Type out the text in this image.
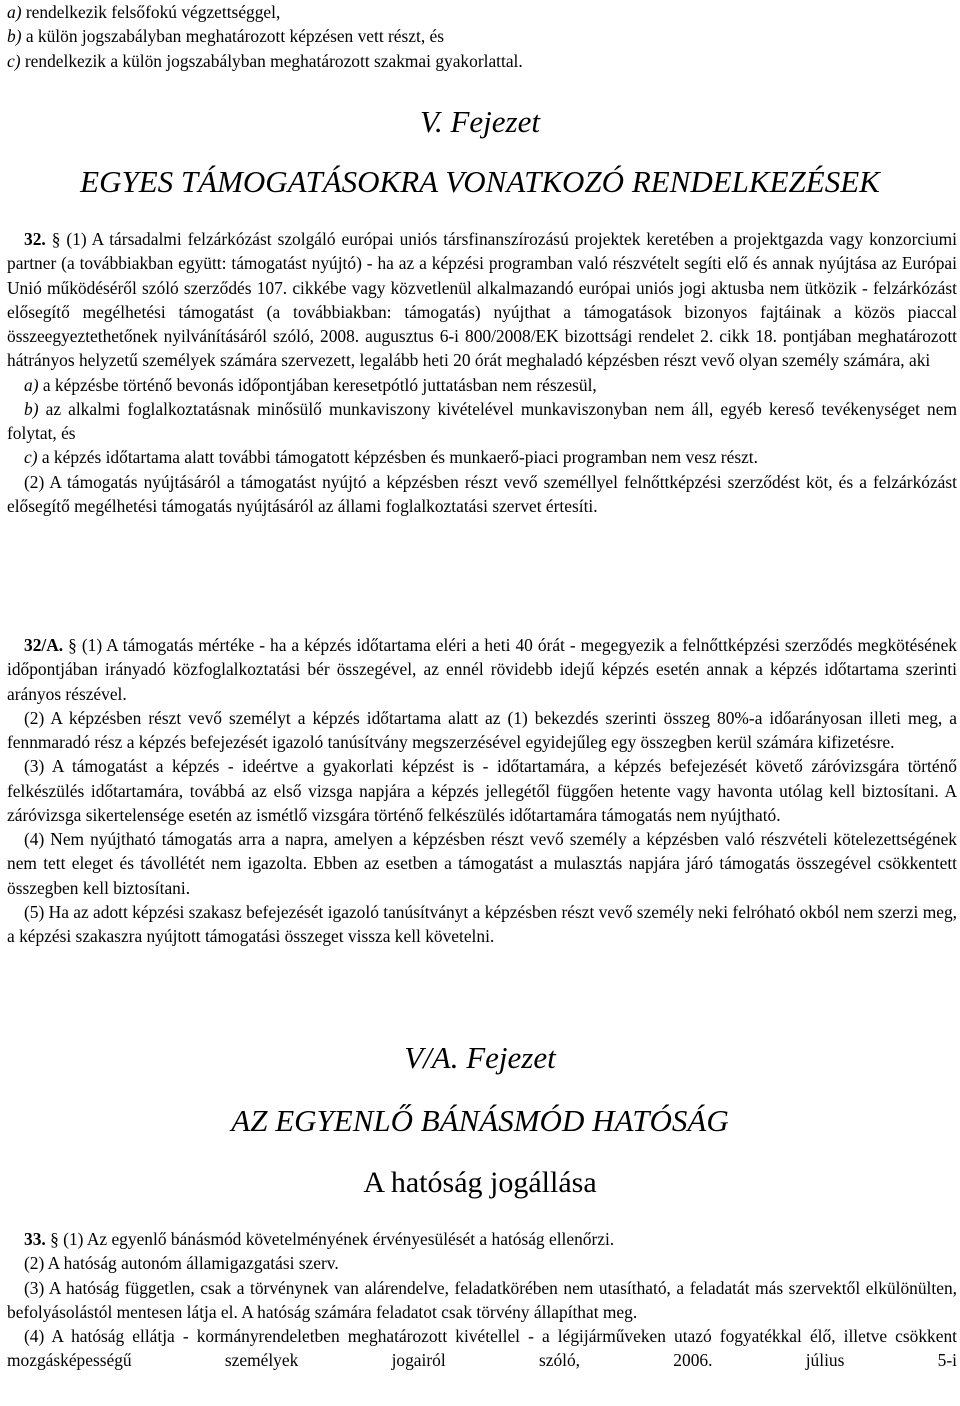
a) rendelkezik felsőfokú végzettséggel,
b) a külön jogszabályban meghatározott képzésen vett részt, és
c) rendelkezik a külön jogszabályban meghatározott szakmai gyakorlattal.
V. Fejezet
EGYES TÁMOGATÁSOKRA VONATKOZÓ RENDELKEZÉSEK

32. § (1) A társadalmi felzárkózást szolgáló európai uniós társfinanszírozású projektek keretében a projektgazda vagy konzorciumi partner (a továbbiakban együtt: támogatást nyújtó) - ha az a képzési programban való részvételt segíti elő és annak nyújtása az Európai Unió működéséről szóló szerződés 107. cikkébe vagy közvetlenül alkalmazandó európai uniós jogi aktusba nem ütközik - felzárkózást elősegítő megélhetési támogatást (a továbbiakban: támogatás) nyújthat a támogatások bizonyos fajtáinak a közös piaccal összeegyeztethetőnek nyilvánításáról szóló, 2008. augusztus 6-i 800/2008/EK bizottsági rendelet 2. cikk 18. pontjában meghatározott hátrányos helyzetű személyek számára szervezett, legalább heti 20 órát meghaladó képzésben részt vevő olyan személy számára, aki

a) a képzésbe történő bevonás időpontjában keresetpótló juttatásban nem részesül,

b) az alkalmi foglalkoztatásnak minősülő munkaviszony kivételével munkaviszonyban nem áll, egyéb kereső tevékenységet nem folytat, és

c) a képzés időtartama alatt további támogatott képzésben és munkaerő-piaci programban nem vesz részt.

(2) A támogatás nyújtásáról a támogatást nyújtó a képzésben részt vevő személlyel felnőttképzési szerződést köt, és a felzárkózást elősegítő megélhetési támogatás nyújtásáról az állami foglalkoztatási szervet értesíti.

32/A. § (1) A támogatás mértéke - ha a képzés időtartama eléri a heti 40 órát - megegyezik a felnőttképzési szerződés megkötésének időpontjában irányadó közfoglalkoztatási bér összegével, az ennél rövidebb idejű képzés esetén annak a képzés időtartama szerinti arányos részével.

(2) A képzésben részt vevő személyt a képzés időtartama alatt az (1) bekezdés szerinti összeg 80%-a időarányosan illeti meg, a fennmaradó rész a képzés befejezését igazoló tanúsítvány megszerzésével egyidejűleg egy összegben kerül számára kifizetésre.

(3) A támogatást a képzés - ideértve a gyakorlati képzést is - időtartamára, a képzés befejezését követő záróvizsgára történő felkészülés időtartamára, továbbá az első vizsga napjára a képzés jellegétől függően hetente vagy havonta utólag kell biztosítani. A záróvizsga sikertelensége esetén az ismétlő vizsgára történő felkészülés időtartamára támogatás nem nyújtható.

(4) Nem nyújtható támogatás arra a napra, amelyen a képzésben részt vevő személy a képzésben való részvételi kötelezettségének nem tett eleget és távollétét nem igazolta. Ebben az esetben a támogatást a mulasztás napjára járó támogatás összegével csökkentett összegben kell biztosítani.

(5) Ha az adott képzési szakasz befejezését igazoló tanúsítványt a képzésben részt vevő személy neki felróható okból nem szerzi meg, a képzési szakaszra nyújtott támogatási összeget vissza kell követelni.

V/A. Fejezet
AZ EGYENLŐ BÁNÁSMÓD HATÓSÁG
A hatóság jogállása

33. § (1) Az egyenlő bánásmód követelményének érvényesülését a hatóság ellenőrzi.

(2) A hatóság autonóm államigazgatási szerv.

(3) A hatóság független, csak a törvénynek van alárendelve, feladatkörében nem utasítható, a feladatát más szervektől elkülönülten, befolyásolástól mentesen látja el. A hatóság számára feladatot csak törvény állapíthat meg.

(4) A hatóság ellátja - kormányrendeletben meghatározott kivétellel - a légijárműveken utazó fogyatékkal élő, illetve csökkent mozgásképességű személyek jogairól szóló, 2006. július 5-i
